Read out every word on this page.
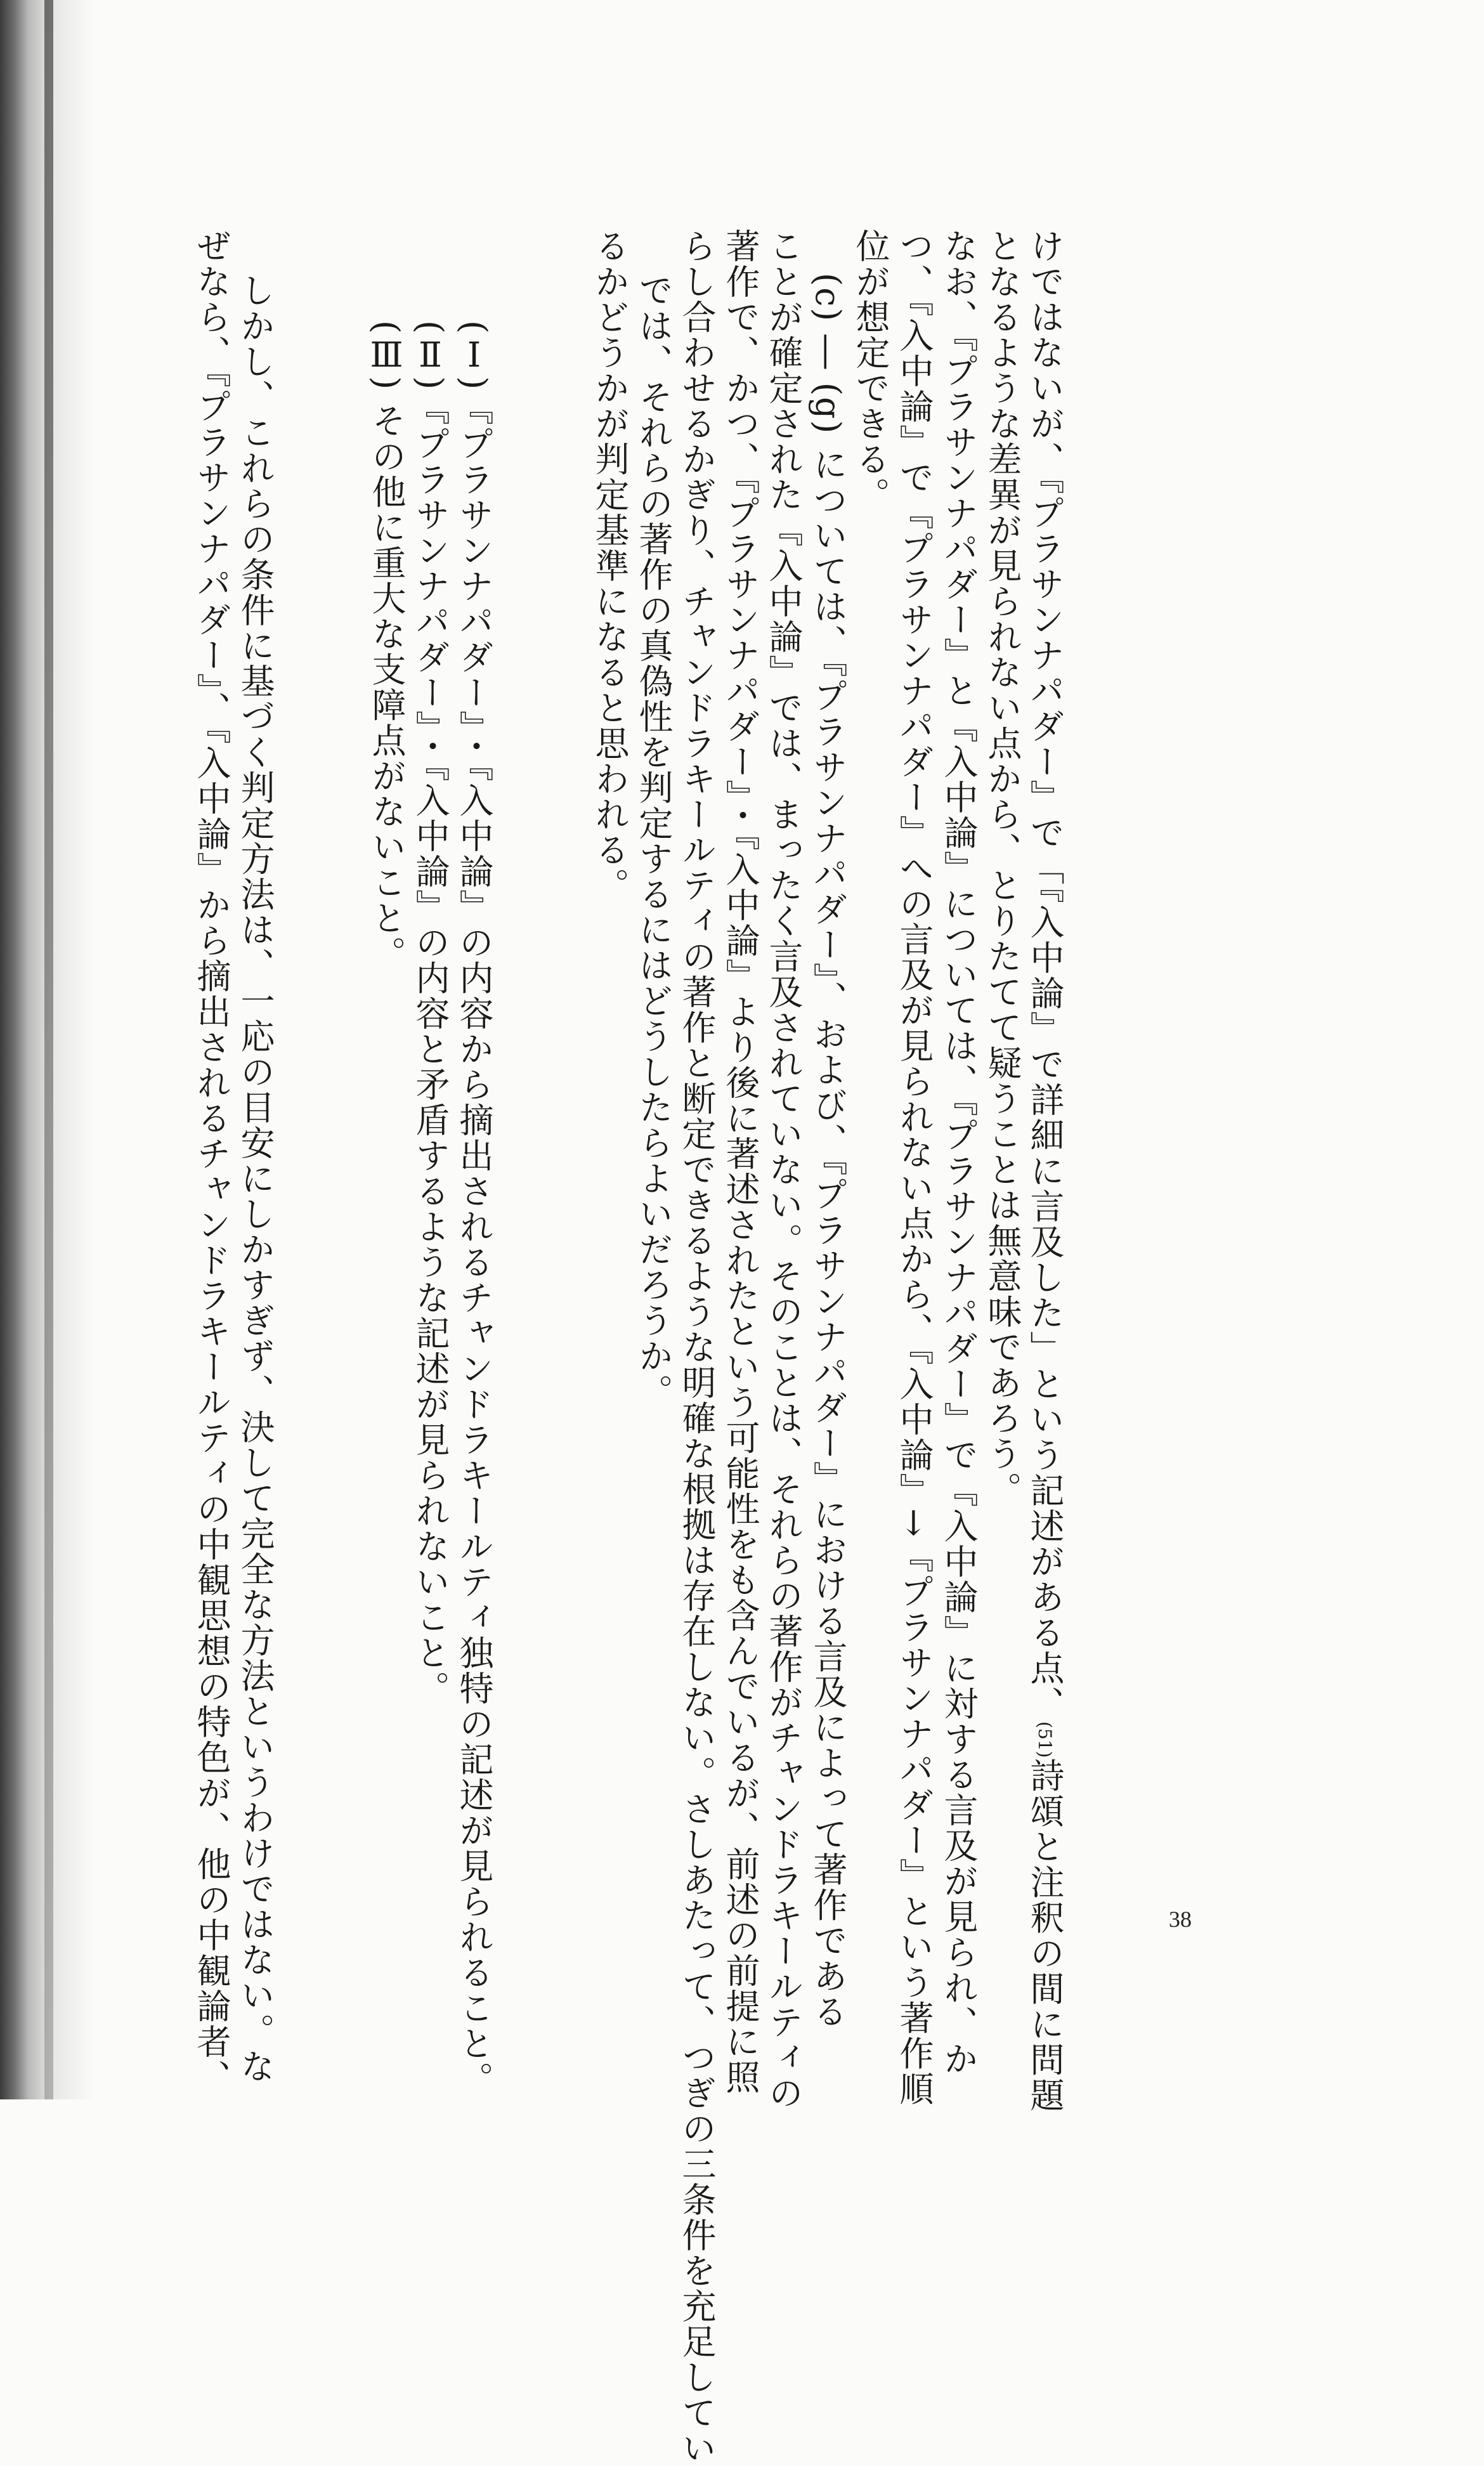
けではないが、『プラサンナパダー』で「『入中論』で詳細に言及した」という記述がある点、$^{(51)}$詩頌と注釈の間に問題
となるような差異が見られない点から、とりたてて疑うことは無意味であろう。
なお、『プラサンナパダー』と『入中論』については、『プラサンナパダー』で『入中論』に対する言及が見られ、か
つ、『入中論』で『プラサンナパダー』への言及が見られない点から、『入中論』→『プラサンナパダー』という著作順
位が想定できる。
(c) ― (g) については、『プラサンナパダー』、および、『プラサンナパダー』における言及によって著作である
ことが確定された『入中論』では、まったく言及されていない。そのことは、それらの著作がチャンドラキールティの
著作で、かつ、『プラサンナパダー』・『入中論』より後に著述されたという可能性をも含んでいるが、前述の前提に照
らし合わせるかぎり、チャンドラキールティの著作と断定できるような明確な根拠は存在しない。さしあたって、つぎの三条件を充足してい
では、それらの著作の真偽性を判定するにはどうしたらよいだろうか。
るかどうかが判定基準になると思われる。
(Ⅰ)『プラサンナパダー』・『入中論』の内容から摘出されるチャンドラキールティ独特の記述が見られること。
(Ⅱ)『プラサンナパダー』・『入中論』の内容と矛盾するような記述が見られないこと。
(Ⅲ) その他に重大な支障点がないこと。
しかし、これらの条件に基づく判定方法は、一応の目安にしかすぎず、決して完全な方法というわけではない。な
ぜなら、『プラサンナパダー』、『入中論』から摘出されるチャンドラキールティの中観思想の特色が、他の中観論者、	38
